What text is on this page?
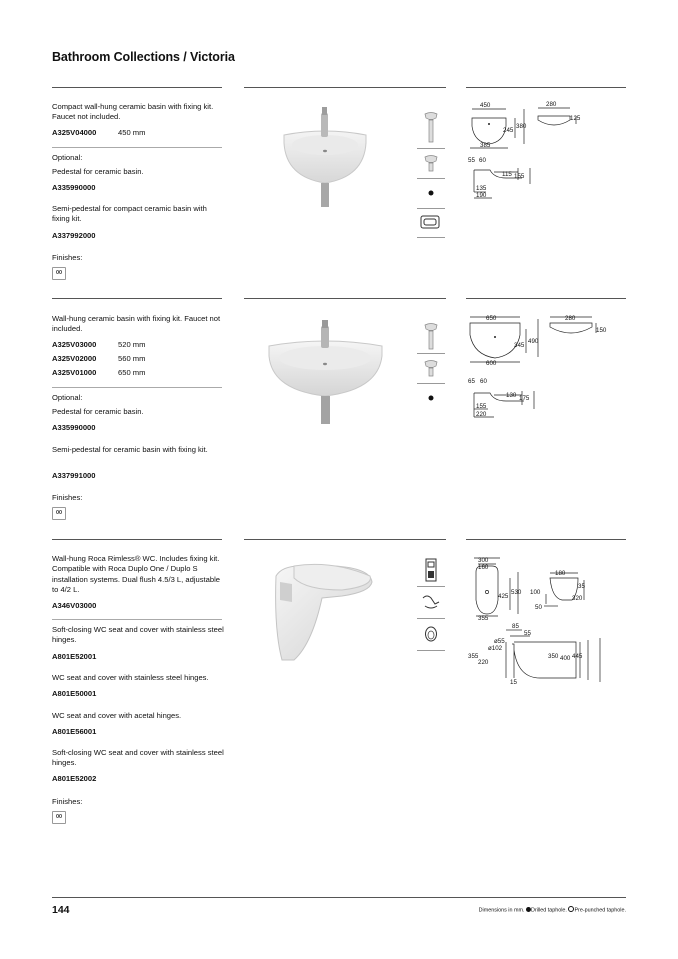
Bathroom Collections / Victoria
Compact wall-hung ceramic basin with fixing kit. Faucet not included.
A325V04000	450 mm
Optional:
Pedestal for ceramic basin.
A335990000
Semi-pedestal for compact ceramic basin with fixing kit.
A337992000
Finishes:
00
450	280
245
380
125
385
55 60
115 155
135
190
Wall-hung ceramic basin with fixing kit. Faucet not included.
A325V03000	520 mm
A325V02000	560 mm
A325V01000	650 mm
Optional:
Pedestal for ceramic basin.
A335990000
Semi-pedestal for ceramic basin with fixing kit.
A337991000
Finishes:
00
650	280
345
490
150
600
65 60
130 175
155
220
Wall-hung Roca Rimless® WC. Includes fixing kit. Compatible with Roca Duplo One / Duplo S installation systems. Dual flush 4.5/3 L, adjustable to 4/2 L.
A346V03000
Soft-closing WC seat and cover with stainless steel hinges.
A801E52001
WC seat and cover with stainless steel hinges.
A801E50001
WC seat and cover with acetal hinges.
A801E56001
Soft-closing WC seat and cover with stainless steel hinges.
A801E52002
Finishes:
00
300
160
425
530
355
180
100
35
320
50
85
55
ø55
ø102
355
220
350 400 445
15
144	Dimensions in mm. Drilled taphole. Pre-punched taphole.
